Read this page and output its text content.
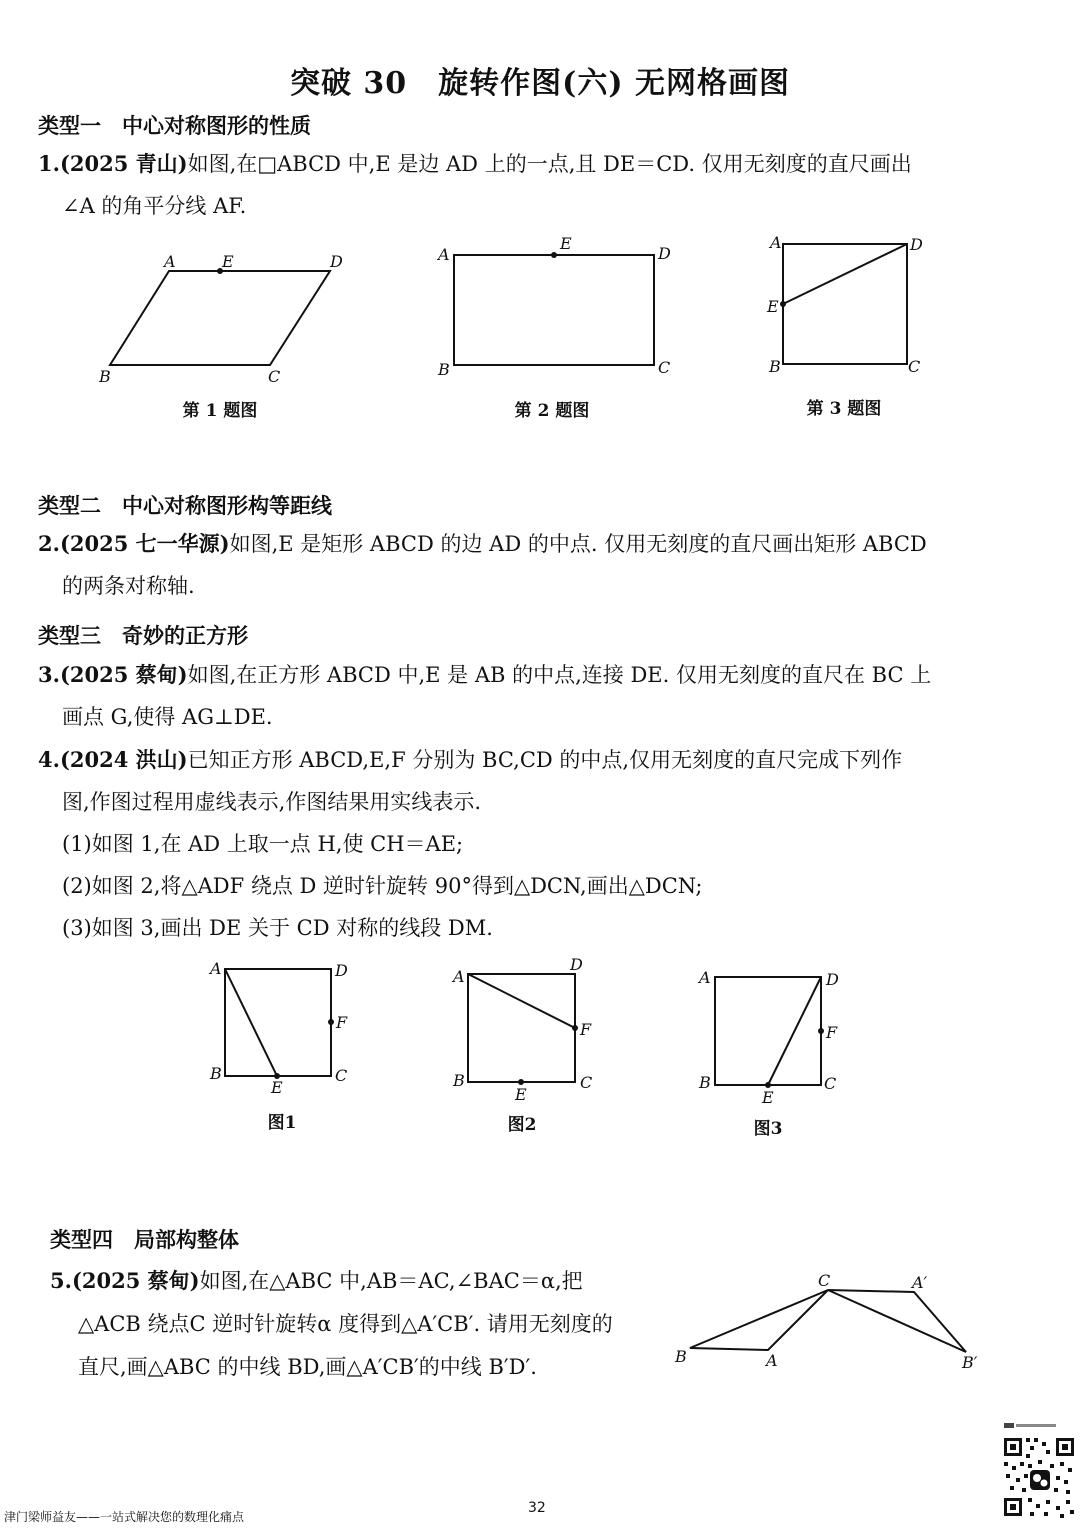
突破 30　旋转作图(六) 无网格画图
类型一　中心对称图形的性质
1.(2025 青山)如图,在□ABCD 中,E 是边 AD 上的一点,且 DE＝CD. 仅用无刻度的直尺画出
∠A 的角平分线 AF.
A	E	D
B	C
第 1 题图
A
E
D
B	C
第 2 题图
A	D
E
B	C
第 3 题图
类型二　中心对称图形构等距线
2.(2025 七一华源)如图,E 是矩形 ABCD 的边 AD 的中点. 仅用无刻度的直尺画出矩形 ABCD
的两条对称轴.
类型三　奇妙的正方形
3.(2025 蔡甸)如图,在正方形 ABCD 中,E 是 AB 的中点,连接 DE. 仅用无刻度的直尺在 BC 上
画点 G,使得 AG⊥DE.
4.(2024 洪山)已知正方形 ABCD,E,F 分别为 BC,CD 的中点,仅用无刻度的直尺完成下列作
图,作图过程用虚线表示,作图结果用实线表示.
(1)如图 1,在 AD 上取一点 H,使 CH＝AE;
(2)如图 2,将△ADF 绕点 D 逆时针旋转 90°得到△DCN,画出△DCN;
(3)如图 3,画出 DE 关于 CD 对称的线段 DM.
A	D
F
B	C
E
图1
A
D
F
B	C
E
图2
A	D
F
B	C
E
图3
类型四　局部构整体
5.(2025 蔡甸)如图,在△ABC 中,AB＝AC,∠BAC＝α,把
△ACB 绕点C 逆时针旋转α 度得到△A′CB′. 请用无刻度的
直尺,画△ABC 的中线 BD,画△A′CB′的中线 B′D′.
C	A′
B	A	B′
津门梁师益友——一站式解决您的数理化痛点
32
